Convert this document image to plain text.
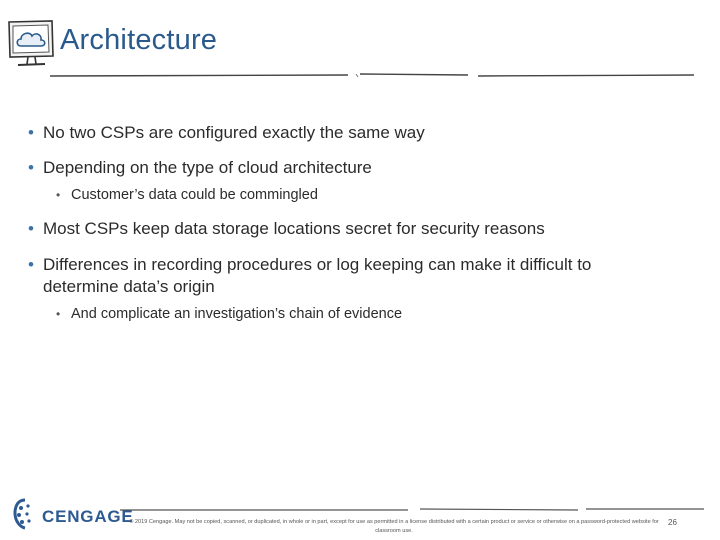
Architecture
• No two CSPs are configured exactly the same way
• Depending on the type of cloud architecture
• Customer’s data could be commingled
• Most CSPs keep data storage locations secret for security reasons
• Differences in recording procedures or log keeping can make it difficult to
determine data’s origin
• And complicate an investigation’s chain of evidence
CENGAGE
© 2019 Cengage. May not be copied, scanned, or duplicated, in whole or in part, except for use as permitted in a license distributed with a certain product or service or otherwise on a password-protected website for
classroom use.
26
